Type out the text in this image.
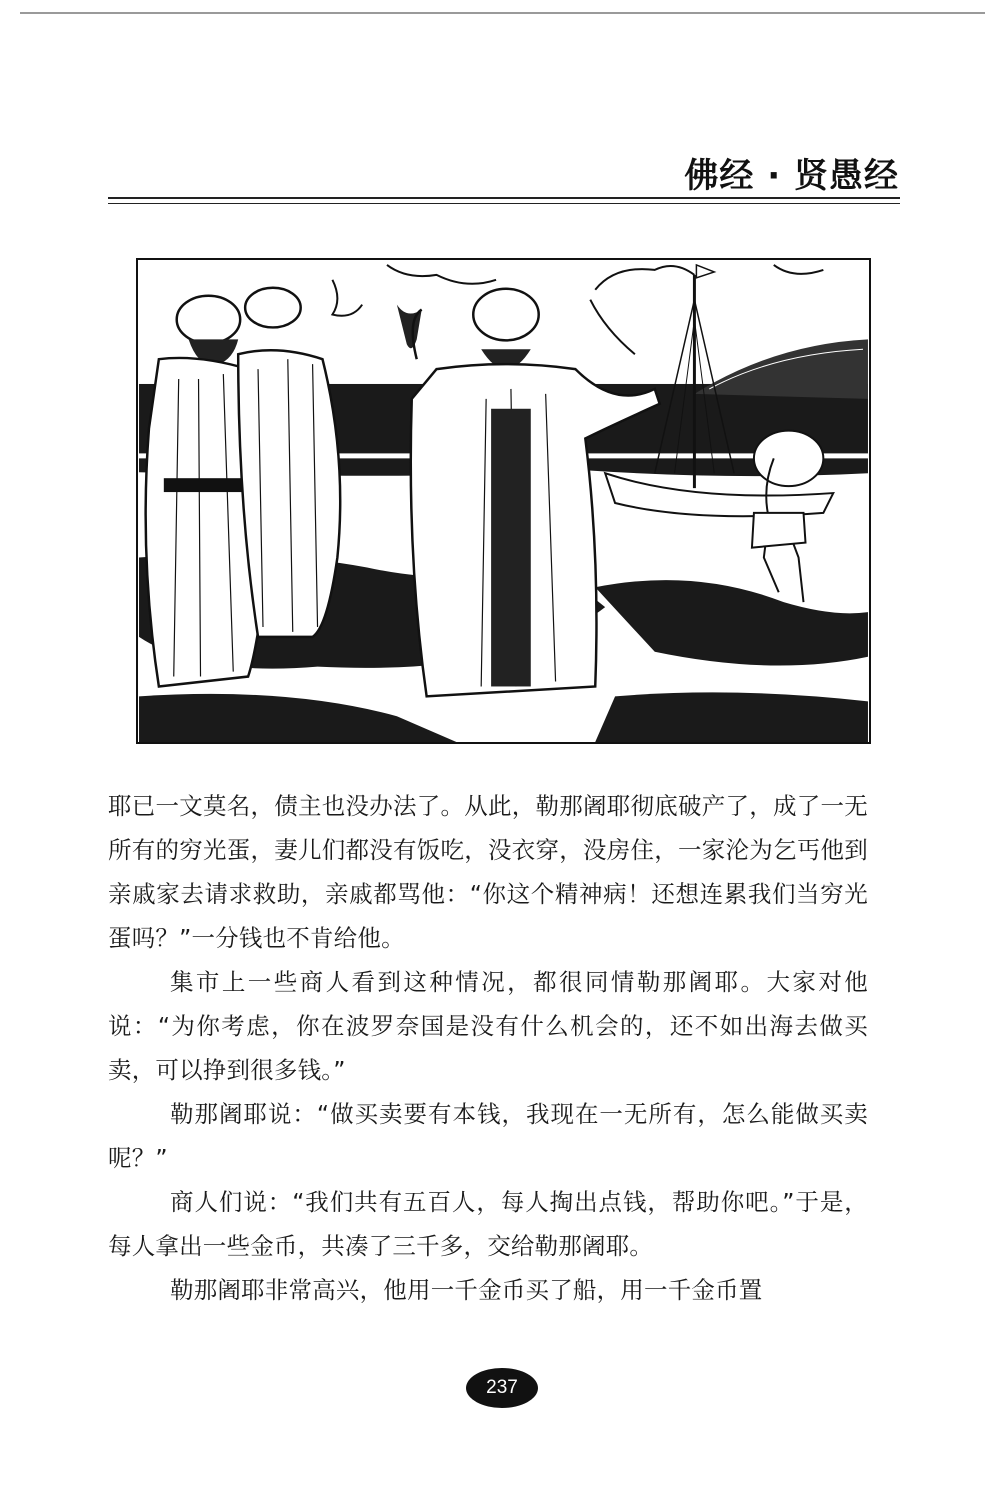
佛经 · 贤愚经

耶已一文莫名，债主也没办法了。从此，勒那阇耶彻底破产了，成了一无所有的穷光蛋，妻儿们都没有饭吃，没衣穿，没房住，一家沦为乞丐他到亲戚家去请求救助，亲戚都骂他：“你这个精神病！还想连累我们当穷光蛋吗？”一分钱也不肯给他。

集市上一些商人看到这种情况，都很同情勒那阇耶。大家对他说：“为你考虑，你在波罗奈国是没有什么机会的，还不如出海去做买卖，可以挣到很多钱。”

勒那阇耶说：“做买卖要有本钱，我现在一无所有，怎么能做买卖呢？”

商人们说：“我们共有五百人，每人掏出点钱，帮助你吧。”于是，每人拿出一些金币，共凑了三千多，交给勒那阇耶。

勒那阇耶非常高兴，他用一千金币买了船，用一千金币置

237
